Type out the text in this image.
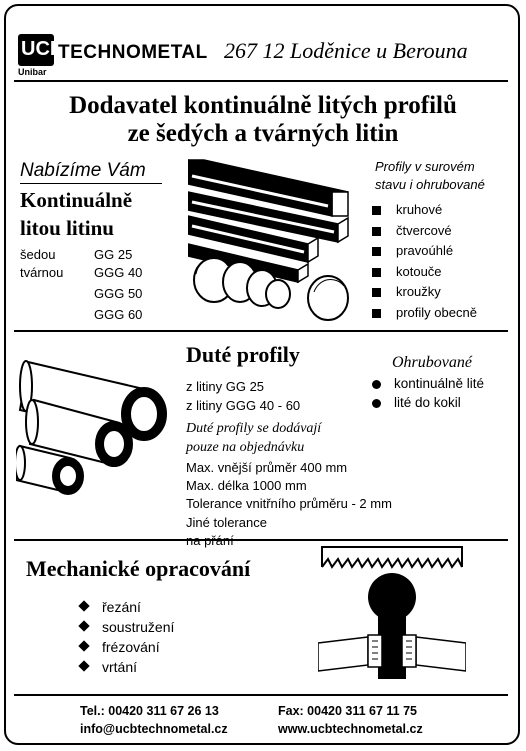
UCB
TECHNOMETAL
Unibar
267 12 Loděnice u Berouna
Dodavatel kontinuálně litých profilů
ze šedých a tvárných litin
Nabízíme Vám
Kontinuálně
litou litinu
šedou
tvárnou
GG 25
GGG 40
GGG 50
GGG 60
Profily v surovém
stavu i ohrubované
kruhové
čtvercové
pravoúhlé
kotouče
kroužky
profily obecně
Duté profily
z litiny GG 25
z litiny GGG 40 - 60
Duté profily se dodávají
pouze na objednávku
Max. vnější průměr 400 mm
Max. délka 1000 mm
Tolerance vnitřního průměru - 2 mm
Jiné tolerance
na přání
Ohrubované
kontinuálně lité
lité do kokil
Mechanické opracování
řezání
soustružení
frézování
vrtání
Tel.: 00420 311 67 26 13
info@ucbtechnometal.cz
Fax: 00420 311 67 11 75
www.ucbtechnometal.cz
